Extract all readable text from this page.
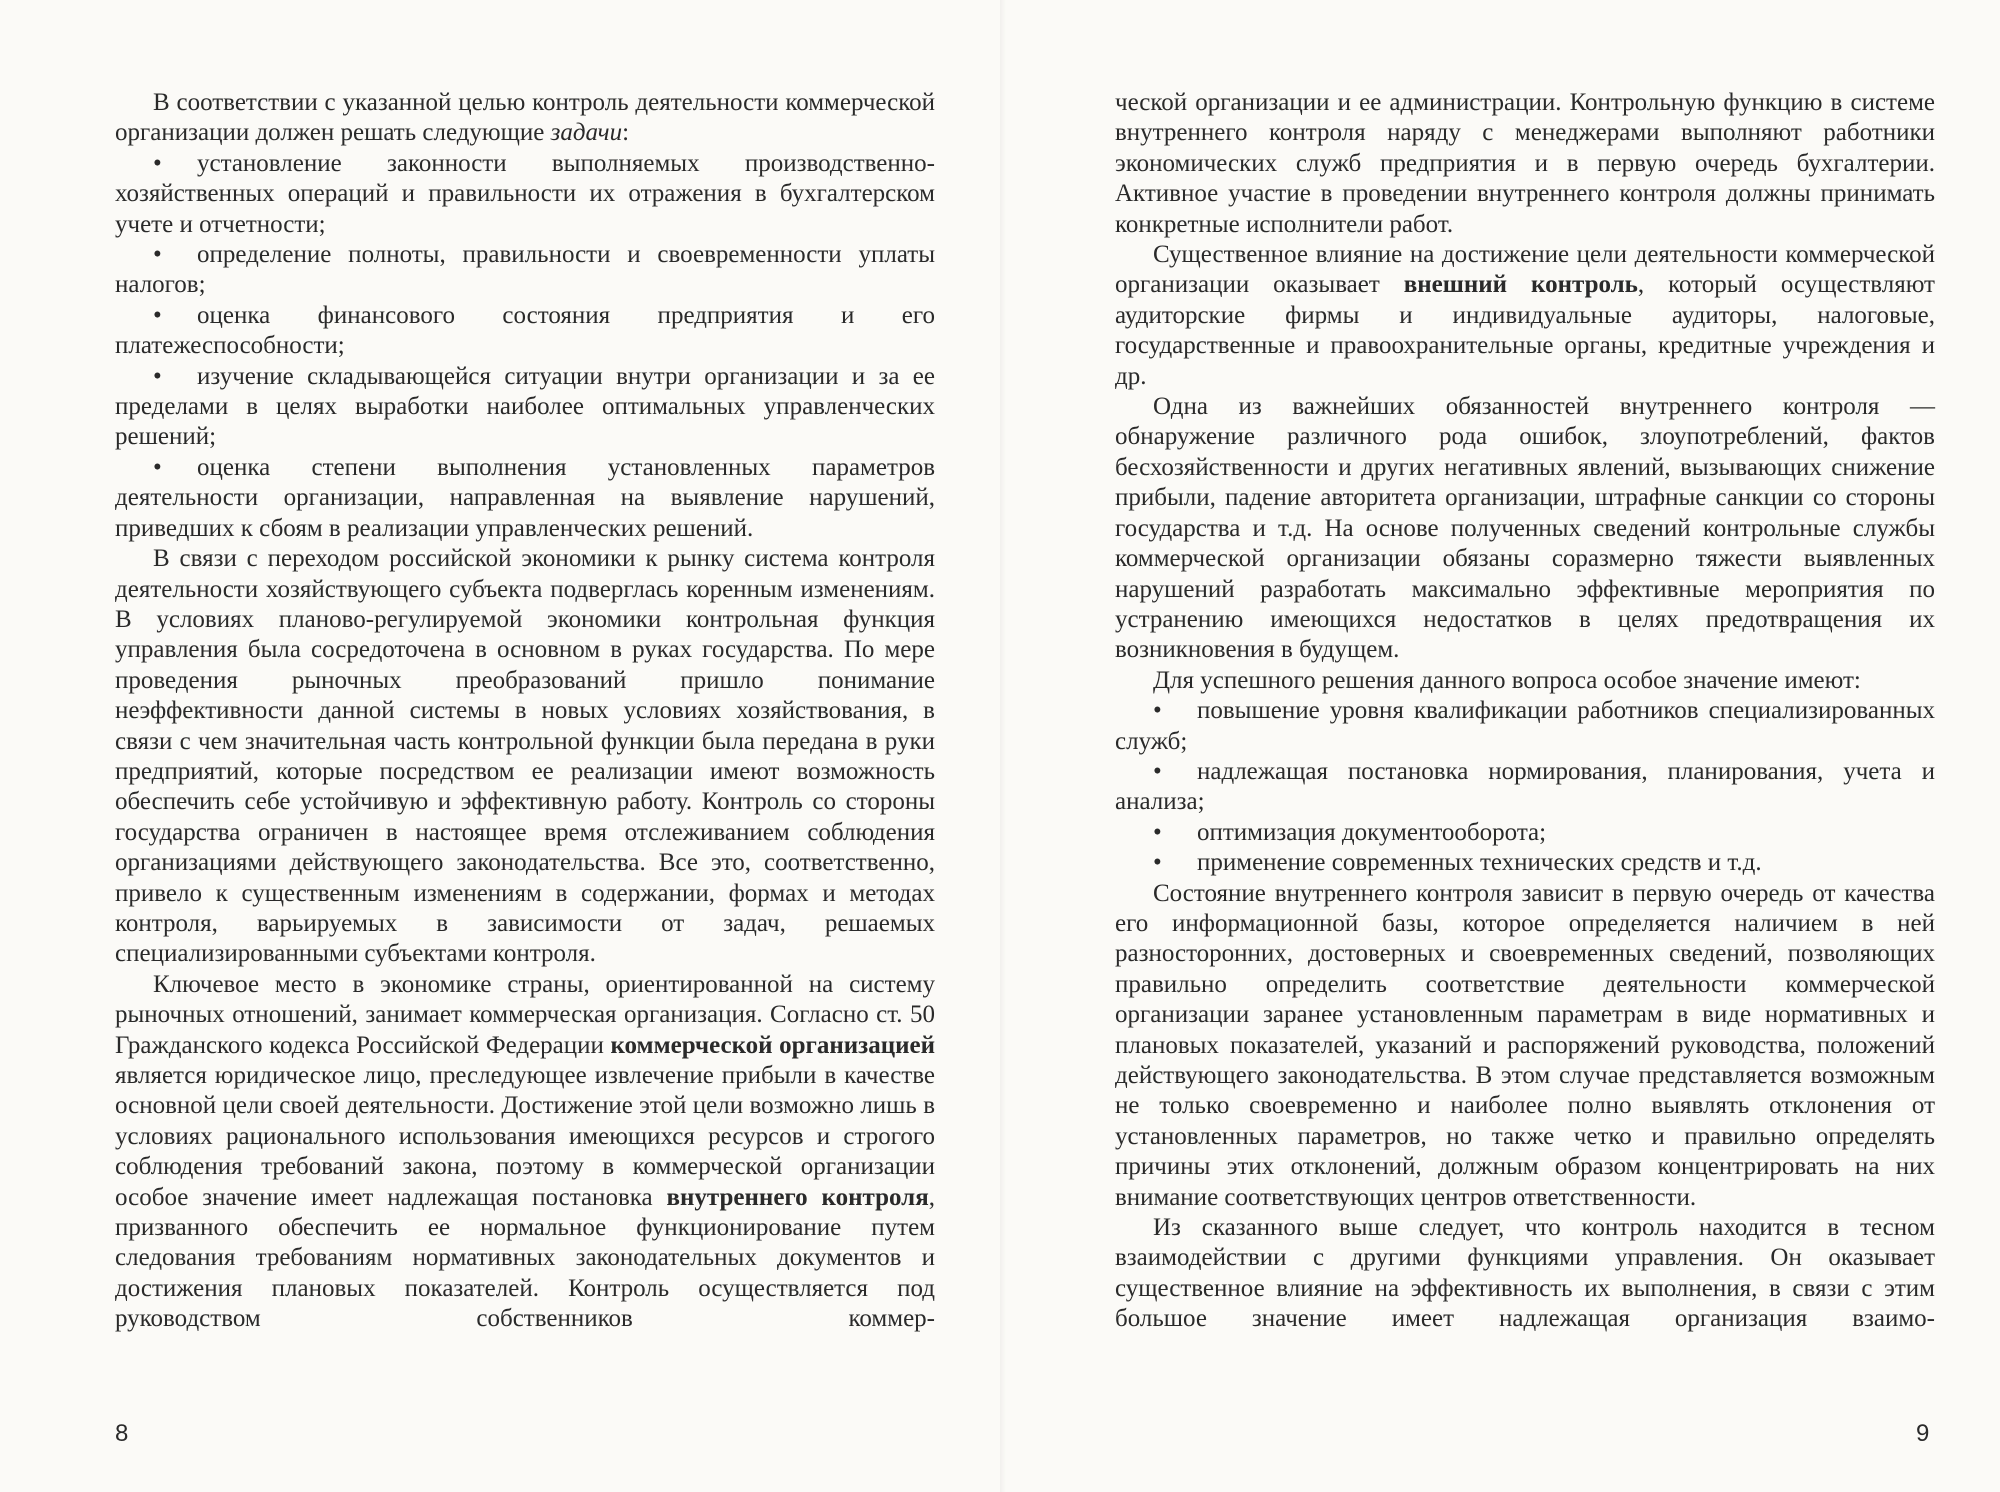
В соответствии с указанной целью контроль деятельности коммерческой организации должен решать следующие задачи:

• установление законности выполняемых производственно-хозяйственных операций и правильности их отражения в бухгалтерском учете и отчетности;

• определение полноты, правильности и своевременности уплаты налогов;

• оценка финансового состояния предприятия и его платежеспособности;

• изучение складывающейся ситуации внутри организации и за ее пределами в целях выработки наиболее оптимальных управленческих решений;

• оценка степени выполнения установленных параметров деятельности организации, направленная на выявление нарушений, приведших к сбоям в реализации управленческих решений.

В связи с переходом российской экономики к рынку система контроля деятельности хозяйствующего субъекта подверглась коренным изменениям. В условиях планово-регулируемой экономики контрольная функция управления была сосредоточена в основном в руках государства. По мере проведения рыночных преобразований пришло понимание неэффективности данной системы в новых условиях хозяйствования, в связи с чем значительная часть контрольной функции была передана в руки предприятий, которые посредством ее реализации имеют возможность обеспечить себе устойчивую и эффективную работу. Контроль со стороны государства ограничен в настоящее время отслеживанием соблюдения организациями действующего законодательства. Все это, соответственно, привело к существенным изменениям в содержании, формах и методах контроля, варьируемых в зависимости от задач, решаемых специализированными субъектами контроля.

Ключевое место в экономике страны, ориентированной на систему рыночных отношений, занимает коммерческая организация. Согласно ст. 50 Гражданского кодекса Российской Федерации коммерческой организацией является юридическое лицо, преследующее извлечение прибыли в качестве основной цели своей деятельности. Достижение этой цели возможно лишь в условиях рационального использования имеющихся ресурсов и строгого соблюдения требований закона, поэтому в коммерческой организации особое значение имеет надлежащая постановка внутреннего контроля, призванного обеспечить ее нормальное функционирование путем следования требованиям нормативных законодательных документов и достижения плановых показателей. Контроль осуществляется под руководством собственников коммер-

ческой организации и ее администрации. Контрольную функцию в системе внутреннего контроля наряду с менеджерами выполняют работники экономических служб предприятия и в первую очередь бухгалтерии. Активное участие в проведении внутреннего контроля должны принимать конкретные исполнители работ.

Существенное влияние на достижение цели деятельности коммерческой организации оказывает внешний контроль, который осуществляют аудиторские фирмы и индивидуальные аудиторы, налоговые, государственные и правоохранительные органы, кредитные учреждения и др.

Одна из важнейших обязанностей внутреннего контроля — обнаружение различного рода ошибок, злоупотреблений, фактов бесхозяйственности и других негативных явлений, вызывающих снижение прибыли, падение авторитета организации, штрафные санкции со стороны государства и т.д. На основе полученных сведений контрольные службы коммерческой организации обязаны соразмерно тяжести выявленных нарушений разработать максимально эффективные мероприятия по устранению имеющихся недостатков в целях предотвращения их возникновения в будущем.

Для успешного решения данного вопроса особое значение имеют:

• повышение уровня квалификации работников специализированных служб;

• надлежащая постановка нормирования, планирования, учета и анализа;

• оптимизация документооборота;

• применение современных технических средств и т.д.

Состояние внутреннего контроля зависит в первую очередь от качества его информационной базы, которое определяется наличием в ней разносторонних, достоверных и своевременных сведений, позволяющих правильно определить соответствие деятельности коммерческой организации заранее установленным параметрам в виде нормативных и плановых показателей, указаний и распоряжений руководства, положений действующего законодательства. В этом случае представляется возможным не только своевременно и наиболее полно выявлять отклонения от установленных параметров, но также четко и правильно определять причины этих отклонений, должным образом концентрировать на них внимание соответствующих центров ответственности.

Из сказанного выше следует, что контроль находится в тесном взаимодействии с другими функциями управления. Он оказывает существенное влияние на эффективность их выполнения, в связи с этим большое значение имеет надлежащая организация взаимо-

8	9
